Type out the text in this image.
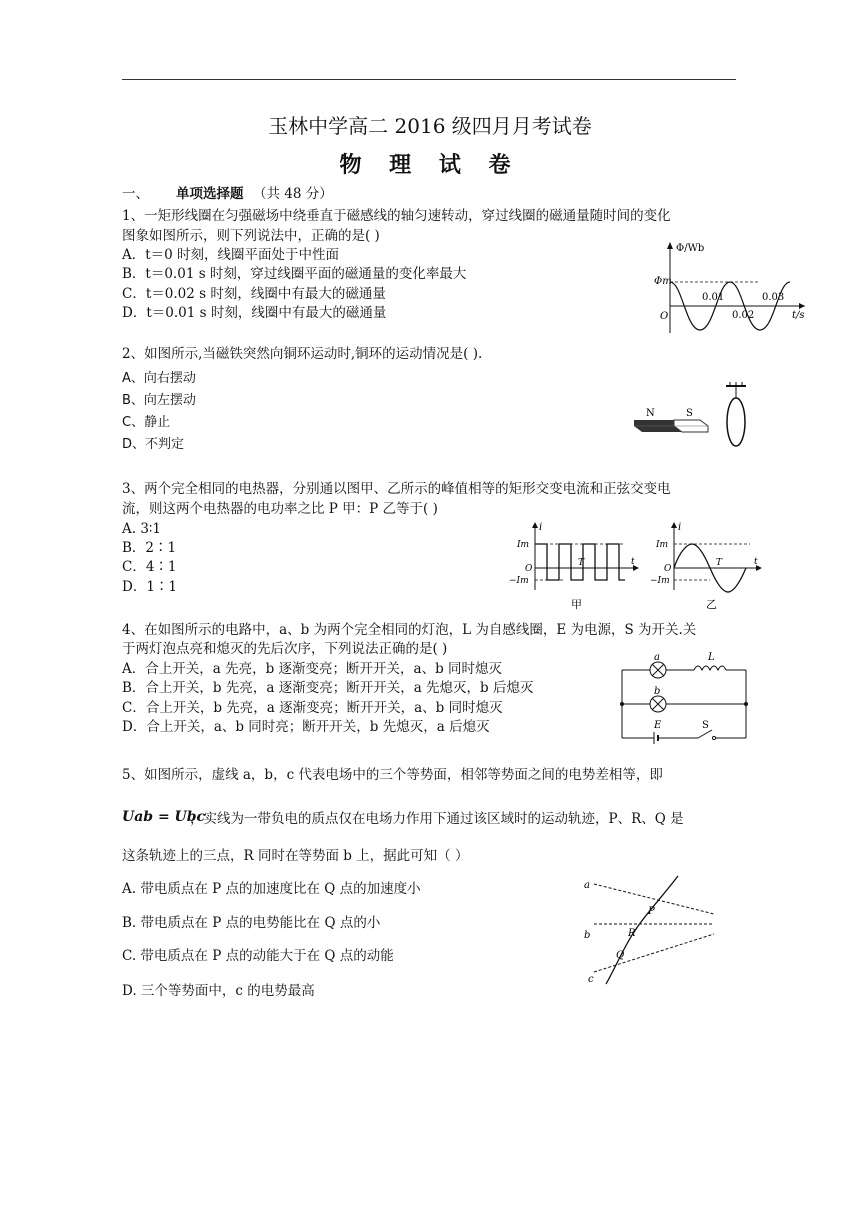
玉林中学高二 2016 级四月月考试卷
物 理 试 卷
一、 单项选择题 （共 48 分）
1、一矩形线圈在匀强磁场中绕垂直于磁感线的轴匀速转动，穿过线圈的磁通量随时间的变化
图象如图所示，则下列说法中，正确的是( )
A．t＝0 时刻，线圈平面处于中性面
B．t＝0.01 s 时刻，穿过线圈平面的磁通量的变化率最大
C．t＝0.02 s 时刻，线圈中有最大的磁通量
D．t＝0.01 s 时刻，线圈中有最大的磁通量
Φ/Wb
Φm
O
0.01
0.02
0.03
t/s
2、如图所示,当磁铁突然向铜环运动时,铜环的运动情况是( ).
A、向右摆动
B、向左摆动
C、静止
D、不判定
N	S
3、两个完全相同的电热器，分别通以图甲、乙所示的峰值相等的矩形交变电流和正弦交变电
流，则这两个电热器的电功率之比 P 甲：P 乙等于( )
A. 3∶1
B．2∶1
C．4∶1
D．1∶1
i
Im
O
−Im
T	t
甲
i
Im
O
−Im
T	t
乙
4、在如图所示的电路中，a、b 为两个完全相同的灯泡，L 为自感线圈，E 为电源，S 为开关.关
于两灯泡点亮和熄灭的先后次序，下列说法正确的是( )
A．合上开关，a 先亮，b 逐渐变亮；断开开关，a、b 同时熄灭
B．合上开关，b 先亮，a 逐渐变亮；断开开关，a 先熄灭，b 后熄灭
C．合上开关，b 先亮，a 逐渐变亮；断开开关，a、b 同时熄灭
D．合上开关，a、b 同时亮；断开开关，b 先熄灭，a 后熄灭
a
b
L
E	S
5、如图所示，虚线 a，b，c 代表电场中的三个等势面，相邻等势面之间的电势差相等，即
Uab = Ubc
，实线为一带负电的质点仅在电场力作用下通过该区域时的运动轨迹，P、R、Q 是
这条轨迹上的三点，R 同时在等势面 b 上，据此可知（ ）
A. 带电质点在 P 点的加速度比在 Q 点的加速度小
B. 带电质点在 P 点的电势能比在 Q 点的小
C. 带电质点在 P 点的动能大于在 Q 点的动能
D. 三个等势面中，c 的电势最高
a
b
c
P
R
Q
